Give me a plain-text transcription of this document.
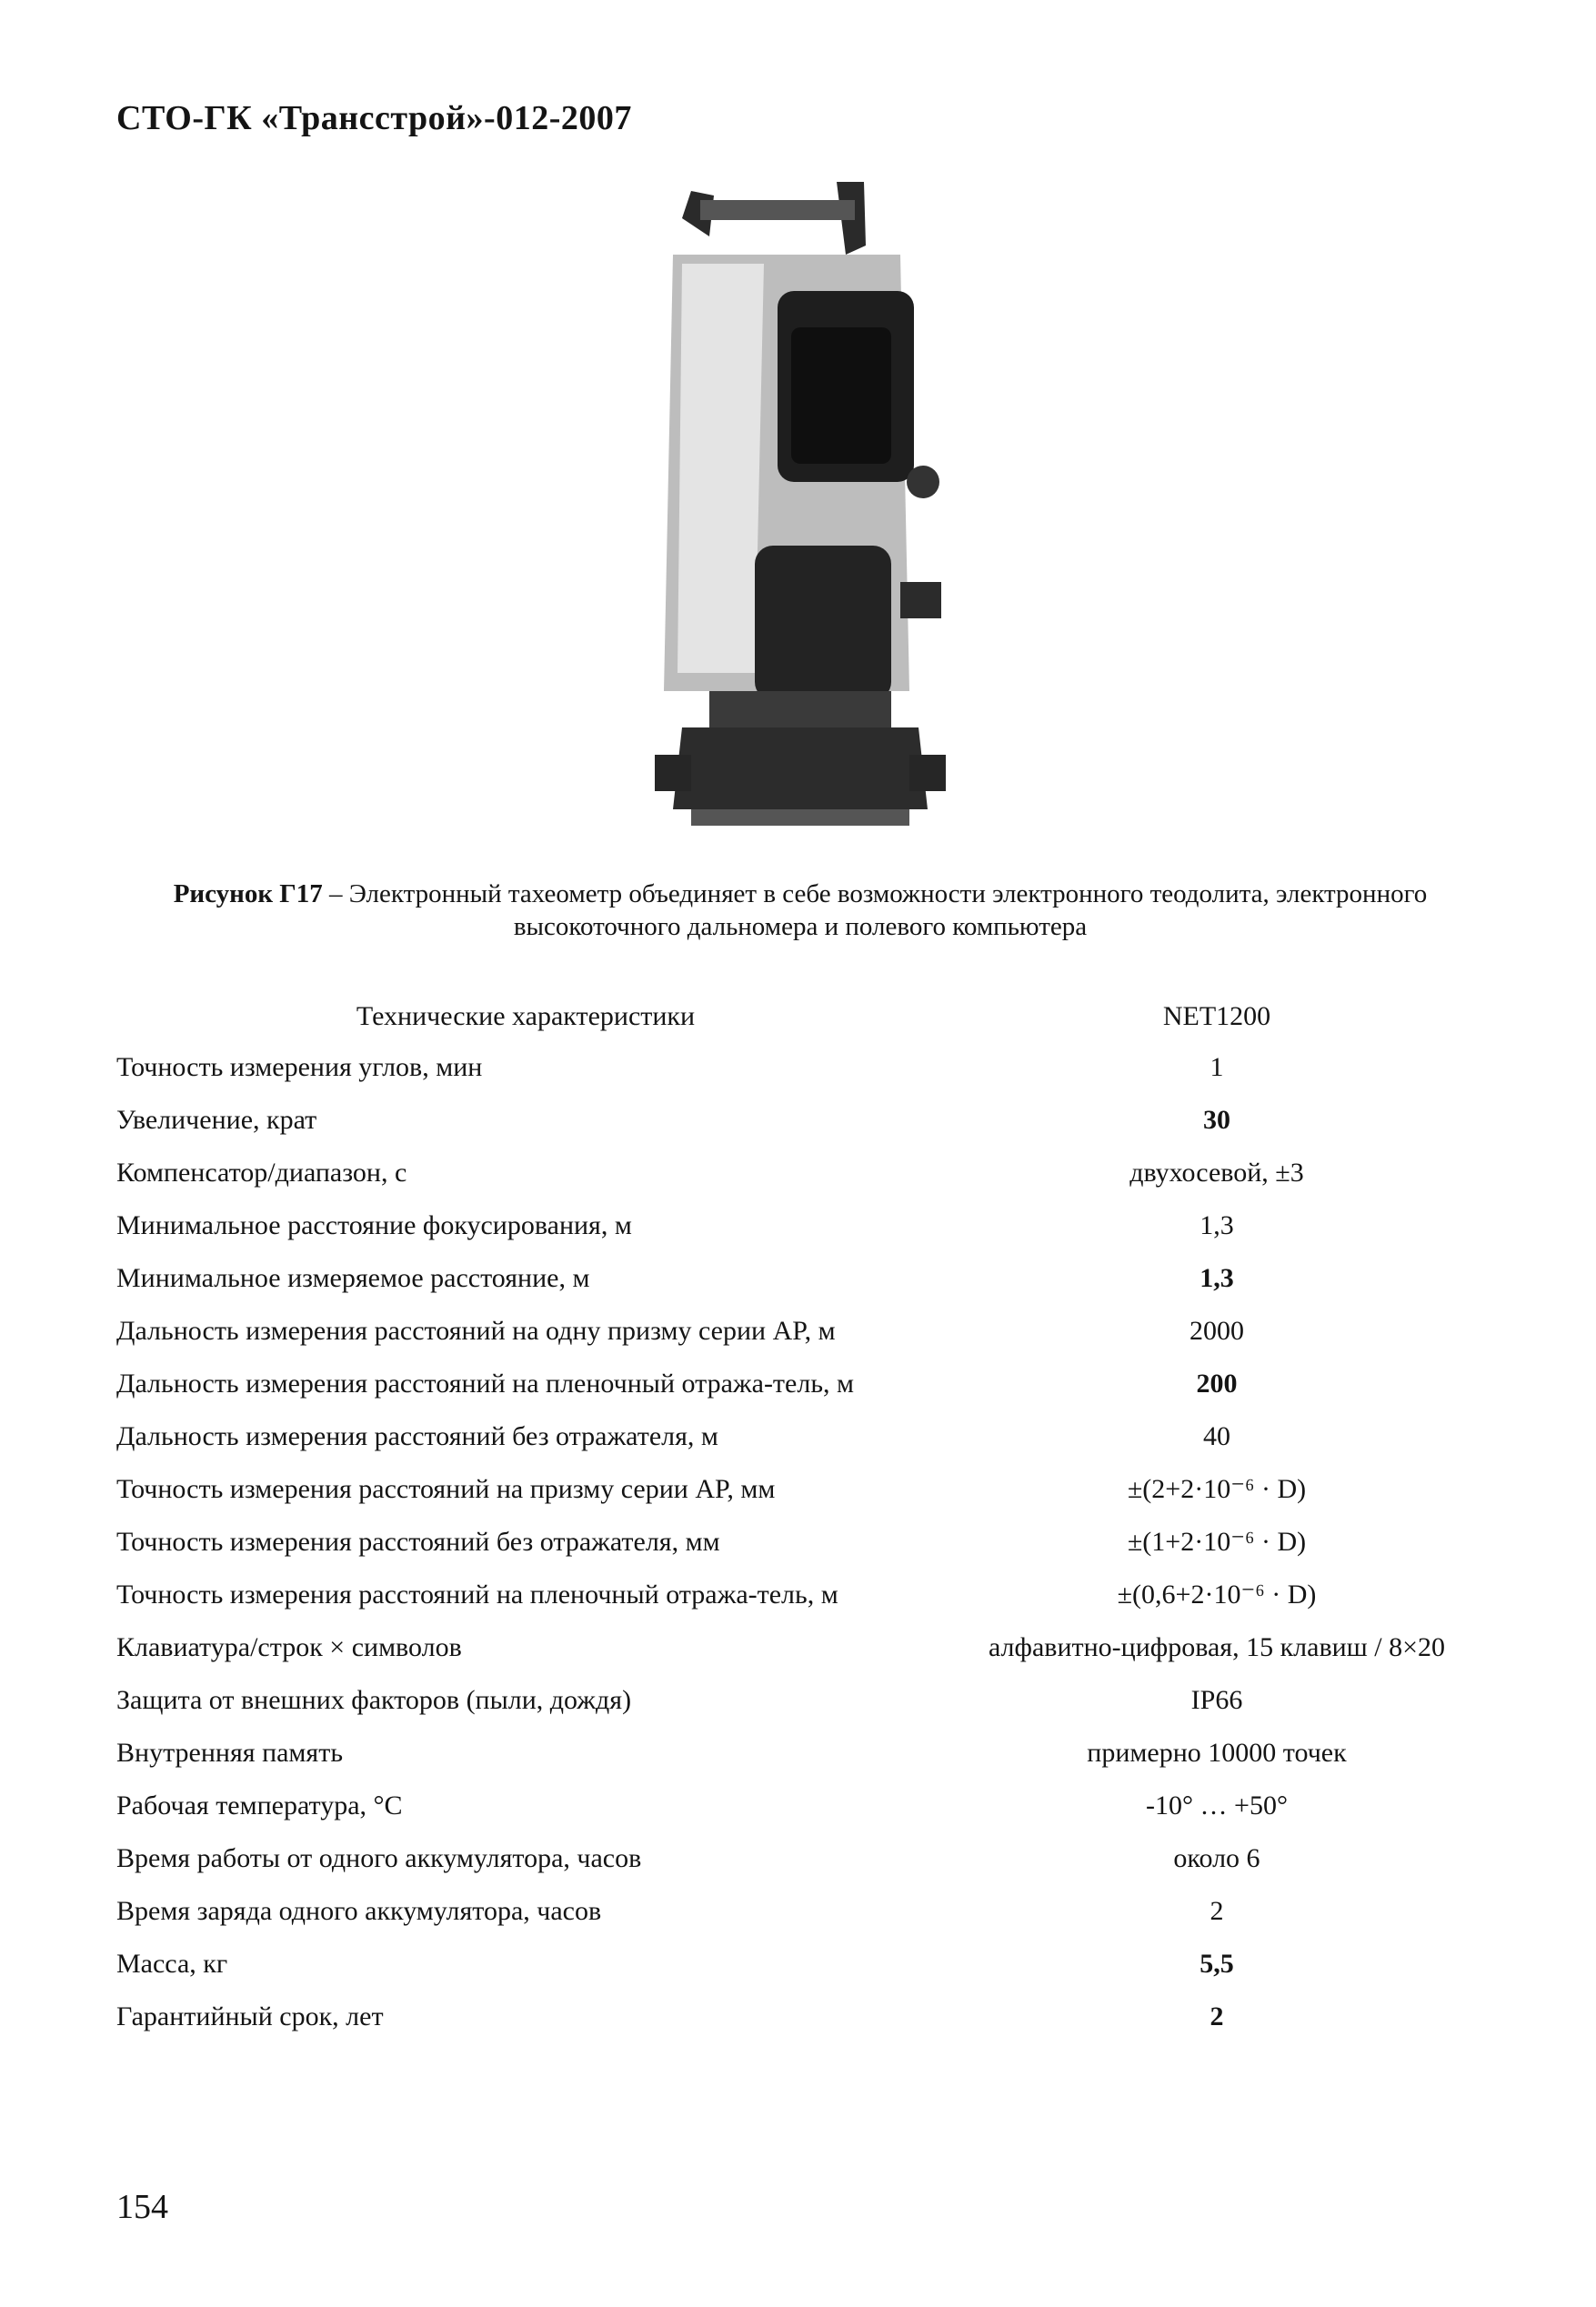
СТО-ГК «Трансстрой»-012-2007
Рисунок Г17 – Электронный тахеометр объединяет в себе возможности электронного теодолита, электронного высокоточного дальномера и полевого компьютера
Технические характеристики	NET1200
Точность измерения углов, мин	1
Увеличение, крат	30
Компенсатор/диапазон, с	двухосевой, ±3
Минимальное расстояние фокусирования, м	1,3
Минимальное измеряемое расстояние, м	1,3
Дальность измерения расстояний на одну призму серии AP, м	2000
Дальность измерения расстояний на пленочный отража-тель, м	200
Дальность измерения расстояний без отражателя, м	40
Точность измерения расстояний на призму серии AP, мм	±(2+2·10⁻⁶ · D)
Точность измерения расстояний без отражателя, мм	±(1+2·10⁻⁶ · D)
Точность измерения расстояний на пленочный отража-тель, м	±(0,6+2·10⁻⁶ · D)
Клавиатура/строк × символов	алфавитно-цифровая, 15 клавиш / 8×20
Защита от внешних факторов (пыли, дождя)	IP66
Внутренняя память	примерно 10000 точек
Рабочая температура, °С	-10° … +50°
Время работы от одного аккумулятора, часов	около 6
Время заряда одного аккумулятора, часов	2
Масса, кг	5,5
Гарантийный срок, лет	2
154
